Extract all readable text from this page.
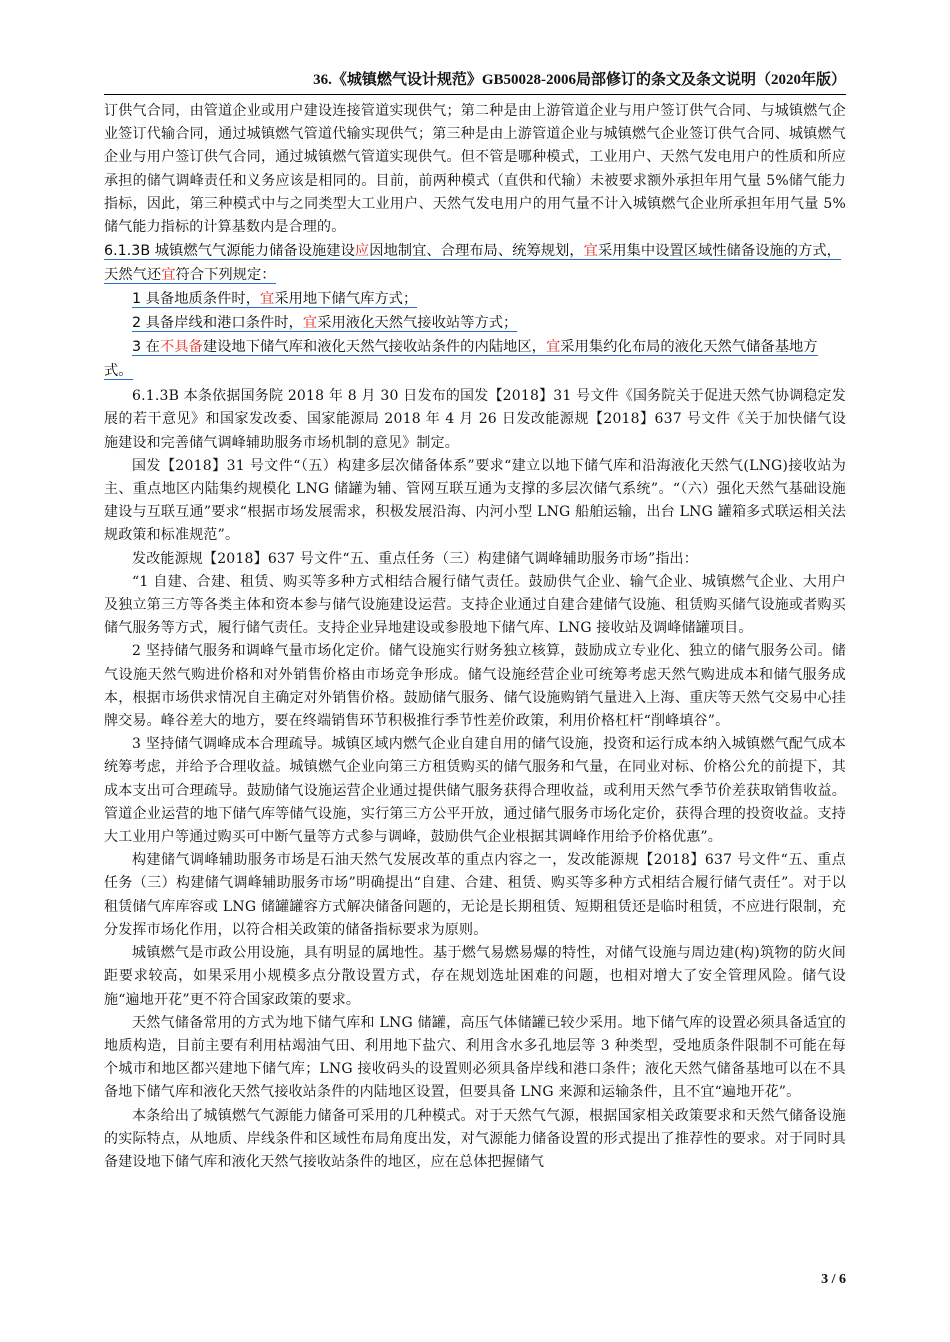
36.《城镇燃气设计规范》GB50028-2006局部修订的条文及条文说明（2020年版）

订供气合同，由管道企业或用户建设连接管道实现供气；第二种是由上游管道企业与用户签订供气合同、与城镇燃气企业签订代输合同，通过城镇燃气管道代输实现供气；第三种是由上游管道企业与城镇燃气企业签订供气合同、城镇燃气企业与用户签订供气合同，通过城镇燃气管道实现供气。但不管是哪种模式，工业用户、天然气发电用户的性质和所应承担的储气调峰责任和义务应该是相同的。目前，前两种模式（直供和代输）未被要求额外承担年用气量 5%储气能力指标，因此，第三种模式中与之同类型大工业用户、天然气发电用户的用气量不计入城镇燃气企业所承担年用气量 5%储气能力指标的计算基数内是合理的。

6.1.3B 城镇燃气气源能力储备设施建设应因地制宜、合理布局、统筹规划，宜采用集中设置区域性储备设施的方式，天然气还宜符合下列规定：

1 具备地质条件时，宜采用地下储气库方式；

2 具备岸线和港口条件时，宜采用液化天然气接收站等方式；

3 在不具备建设地下储气库和液化天然气接收站条件的内陆地区，宜采用集约化布局的液化天然气储备基地方式。

6.1.3B 本条依据国务院 2018 年 8 月 30 日发布的国发【2018】31 号文件《国务院关于促进天然气协调稳定发展的若干意见》和国家发改委、国家能源局 2018 年 4 月 26 日发改能源规【2018】637 号文件《关于加快储气设施建设和完善储气调峰辅助服务市场机制的意见》制定。

国发【2018】31 号文件“（五）构建多层次储备体系”要求“建立以地下储气库和沿海液化天然气(LNG)接收站为主、重点地区内陆集约规模化 LNG 储罐为辅、管网互联互通为支撑的多层次储气系统”。“（六）强化天然气基础设施建设与互联互通”要求“根据市场发展需求，积极发展沿海、内河小型 LNG 船舶运输，出台 LNG 罐箱多式联运相关法规政策和标准规范”。

发改能源规【2018】637 号文件“五、重点任务（三）构建储气调峰辅助服务市场”指出：

“1 自建、合建、租赁、购买等多种方式相结合履行储气责任。鼓励供气企业、输气企业、城镇燃气企业、大用户及独立第三方等各类主体和资本参与储气设施建设运营。支持企业通过自建合建储气设施、租赁购买储气设施或者购买储气服务等方式，履行储气责任。支持企业异地建设或参股地下储气库、LNG 接收站及调峰储罐项目。

2 坚持储气服务和调峰气量市场化定价。储气设施实行财务独立核算，鼓励成立专业化、独立的储气服务公司。储气设施天然气购进价格和对外销售价格由市场竞争形成。储气设施经营企业可统筹考虑天然气购进成本和储气服务成本，根据市场供求情况自主确定对外销售价格。鼓励储气服务、储气设施购销气量进入上海、重庆等天然气交易中心挂牌交易。峰谷差大的地方，要在终端销售环节积极推行季节性差价政策，利用价格杠杆“削峰填谷”。

3 坚持储气调峰成本合理疏导。城镇区域内燃气企业自建自用的储气设施，投资和运行成本纳入城镇燃气配气成本统筹考虑，并给予合理收益。城镇燃气企业向第三方租赁购买的储气服务和气量，在同业对标、价格公允的前提下，其成本支出可合理疏导。鼓励储气设施运营企业通过提供储气服务获得合理收益，或利用天然气季节价差获取销售收益。管道企业运营的地下储气库等储气设施，实行第三方公平开放，通过储气服务市场化定价，获得合理的投资收益。支持大工业用户等通过购买可中断气量等方式参与调峰，鼓励供气企业根据其调峰作用给予价格优惠”。

构建储气调峰辅助服务市场是石油天然气发展改革的重点内容之一，发改能源规【2018】637 号文件“五、重点任务（三）构建储气调峰辅助服务市场”明确提出“自建、合建、租赁、购买等多种方式相结合履行储气责任”。对于以租赁储气库库容或 LNG 储罐罐容方式解决储备问题的，无论是长期租赁、短期租赁还是临时租赁，不应进行限制，充分发挥市场化作用，以符合相关政策的储备指标要求为原则。

城镇燃气是市政公用设施，具有明显的属地性。基于燃气易燃易爆的特性，对储气设施与周边建(构)筑物的防火间距要求较高，如果采用小规模多点分散设置方式，存在规划选址困难的问题，也相对增大了安全管理风险。储气设施“遍地开花”更不符合国家政策的要求。

天然气储备常用的方式为地下储气库和 LNG 储罐，高压气体储罐已较少采用。地下储气库的设置必须具备适宜的地质构造，目前主要有利用枯竭油气田、利用地下盐穴、利用含水多孔地层等 3 种类型，受地质条件限制不可能在每个城市和地区都兴建地下储气库；LNG 接收码头的设置则必须具备岸线和港口条件；液化天然气储备基地可以在不具备地下储气库和液化天然气接收站条件的内陆地区设置，但要具备 LNG 来源和运输条件，且不宜“遍地开花”。

本条给出了城镇燃气气源能力储备可采用的几种模式。对于天然气气源，根据国家相关政策要求和天然气储备设施的实际特点，从地质、岸线条件和区域性布局角度出发，对气源能力储备设置的形式提出了推荐性的要求。对于同时具备建设地下储气库和液化天然气接收站条件的地区，应在总体把握储气

3 / 6
